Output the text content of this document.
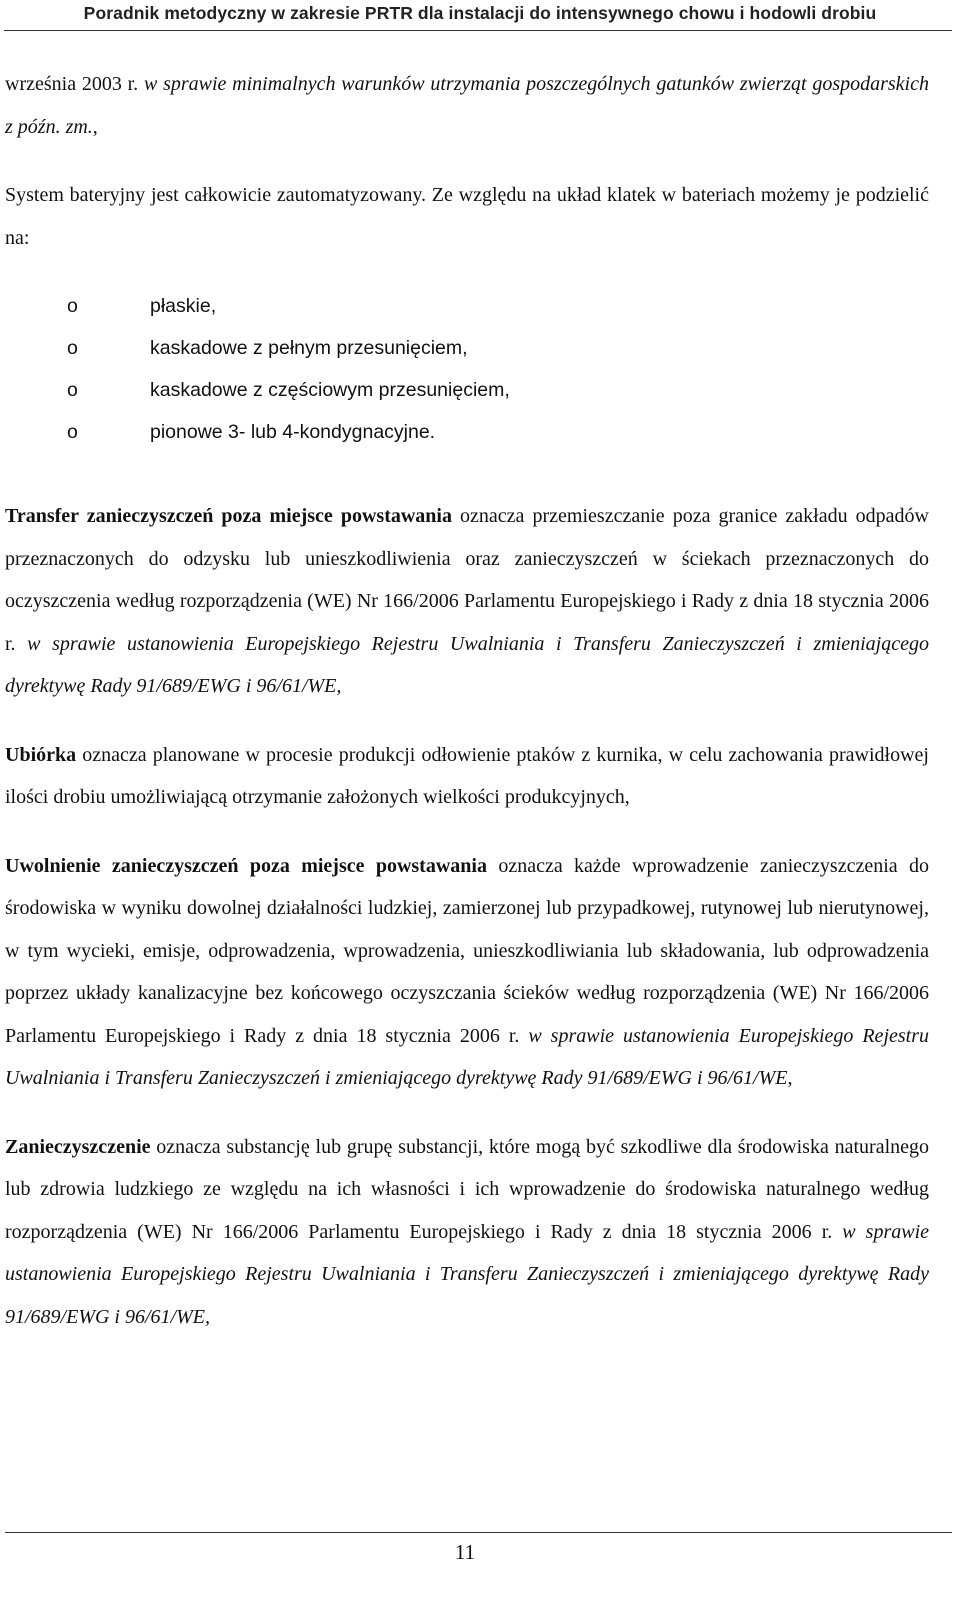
Poradnik metodyczny w zakresie PRTR dla instalacji do intensywnego chowu i hodowli drobiu

września 2003 r. w sprawie minimalnych warunków utrzymania poszczególnych gatunków zwierząt gospodarskich z późn. zm.,

System bateryjny jest całkowicie zautomatyzowany. Ze względu na układ klatek w bateriach możemy je podzielić na:

o	płaskie,
o	kaskadowe z pełnym przesunięciem,
o	kaskadowe z częściowym przesunięciem,
o	pionowe 3- lub 4-kondygnacyjne.

Transfer zanieczyszczeń poza miejsce powstawania oznacza przemieszczanie poza granice zakładu odpadów przeznaczonych do odzysku lub unieszkodliwienia oraz zanieczyszczeń w ściekach przeznaczonych do oczyszczenia według rozporządzenia (WE) Nr 166/2006 Parlamentu Europejskiego i Rady z dnia 18 stycznia 2006 r. w sprawie ustanowienia Europejskiego Rejestru Uwalniania i Transferu Zanieczyszczeń i zmieniającego dyrektywę Rady 91/689/EWG i 96/61/WE,

Ubiórka oznacza planowane w procesie produkcji odłowienie ptaków z kurnika, w celu zachowania prawidłowej ilości drobiu umożliwiającą otrzymanie założonych wielkości produkcyjnych,

Uwolnienie zanieczyszczeń poza miejsce powstawania oznacza każde wprowadzenie zanieczyszczenia do środowiska w wyniku dowolnej działalności ludzkiej, zamierzonej lub przypadkowej, rutynowej lub nierutynowej, w tym wycieki, emisje, odprowadzenia, wprowadzenia, unieszkodliwiania lub składowania, lub odprowadzenia poprzez układy kanalizacyjne bez końcowego oczyszczania ścieków według rozporządzenia (WE) Nr 166/2006 Parlamentu Europejskiego i Rady z dnia 18 stycznia 2006 r. w sprawie ustanowienia Europejskiego Rejestru Uwalniania i Transferu Zanieczyszczeń i zmieniającego dyrektywę Rady 91/689/EWG i 96/61/WE,

Zanieczyszczenie oznacza substancję lub grupę substancji, które mogą być szkodliwe dla środowiska naturalnego lub zdrowia ludzkiego ze względu na ich własności i ich wprowadzenie do środowiska naturalnego według rozporządzenia (WE) Nr 166/2006 Parlamentu Europejskiego i Rady z dnia 18 stycznia 2006 r. w sprawie ustanowienia Europejskiego Rejestru Uwalniania i Transferu Zanieczyszczeń i zmieniającego dyrektywę Rady 91/689/EWG i 96/61/WE,

11
